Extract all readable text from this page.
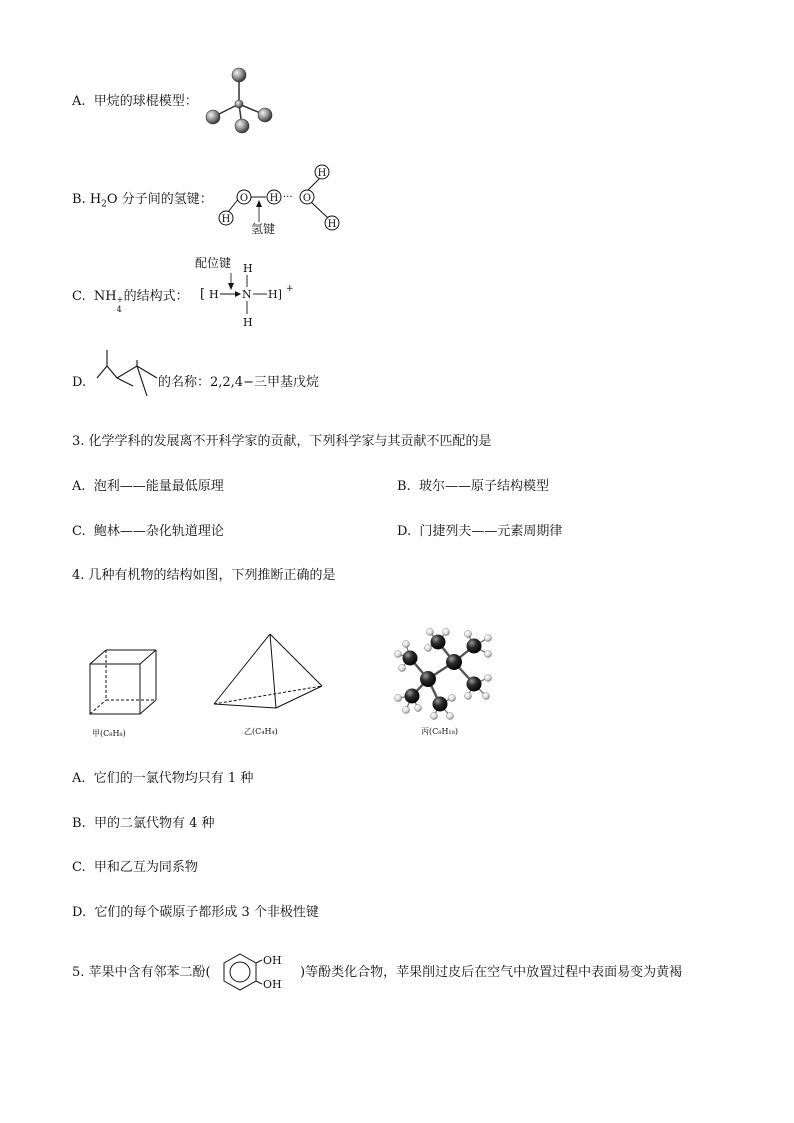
A. 甲烷的球棍模型：
B. $H_2O$ 分子间的氢键：
H
O H O
H
H
···
氢键
C. NH +
4
的结构式：
配位键
[ H N H] +
H
H
D.	的名称：2,2,4−三甲基戊烷
3. 化学学科的发展离不开科学家的贡献，下列科学家与其贡献不匹配的是
A. 泡利——能量最低原理	B. 玻尔——原子结构模型
C. 鲍林——杂化轨道理论	D. 门捷列夫——元素周期律
4. 几种有机物的结构如图，下列推断正确的是
甲(C₈H₈)	乙(C₄H₄)	丙(C₈H₁₈)
A. 它们的一氯代物均只有 1 种
B. 甲的二氯代物有 4 种
C. 甲和乙互为同系物
D. 它们的每个碳原子都形成 3 个非极性键
5. 苹果中含有邻苯二酚(
OH
OH
)等酚类化合物，苹果削过皮后在空气中放置过程中表面易变为黄褐
